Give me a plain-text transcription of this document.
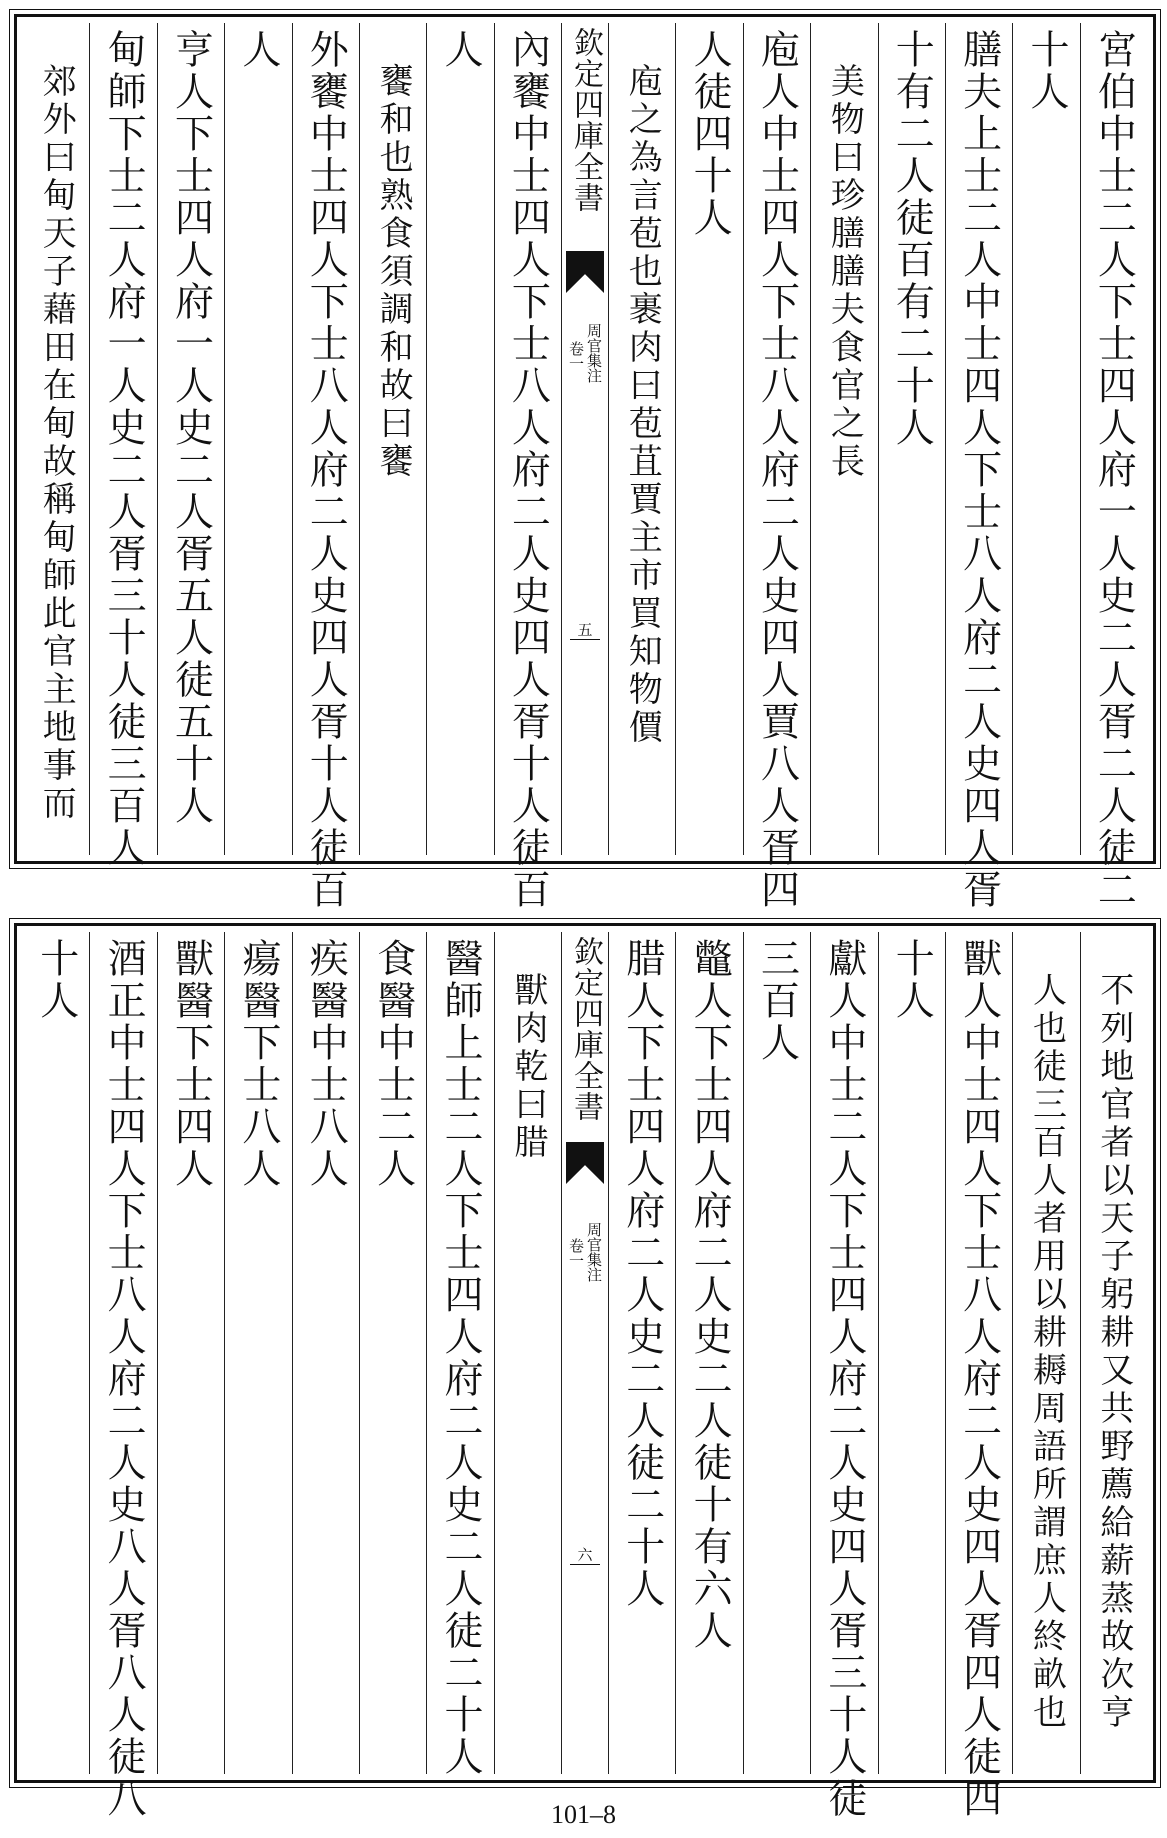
宮伯中士二人下士四人府一人史二人胥二人徒二
十人
膳夫上士二人中士四人下士八人府二人史四人胥
十有二人徒百有二十人
美物曰珍膳膳夫食官之長
庖人中士四人下士八人府二人史四人賈八人胥四
人徒四十人
庖之為言苞也裹肉曰苞苴賈主市買知物價
欽定四庫全書
周官集注
卷一
五
內饔中士四人下士八人府二人史四人胥十人徒百
人
饔和也熟食須調和故曰饔
外饔中士四人下士八人府二人史四人胥十人徒百
人
亨人下士四人府一人史二人胥五人徒五十人
甸師下士二人府一人史二人胥三十人徒三百人
郊外曰甸天子藉田在甸故稱甸師此官主地事而
不列地官者以天子躬耕又共野薦給薪蒸故次亨
人也徒三百人者用以耕耨周語所謂庶人終畝也
獸人中士四人下士八人府二人史四人胥四人徒四
十人
獻人中士二人下士四人府二人史四人胥三十人徒
三百人
鼈人下士四人府二人史二人徒十有六人
腊人下士四人府二人史二人徒二十人
欽定四庫全書
周官集注
卷一
六
獸肉乾曰腊
醫師上士二人下士四人府二人史二人徒二十人
食醫中士二人
疾醫中士八人
瘍醫下士八人
獸醫下士四人
酒正中士四人下士八人府二人史八人胥八人徒八
十人
101–8
